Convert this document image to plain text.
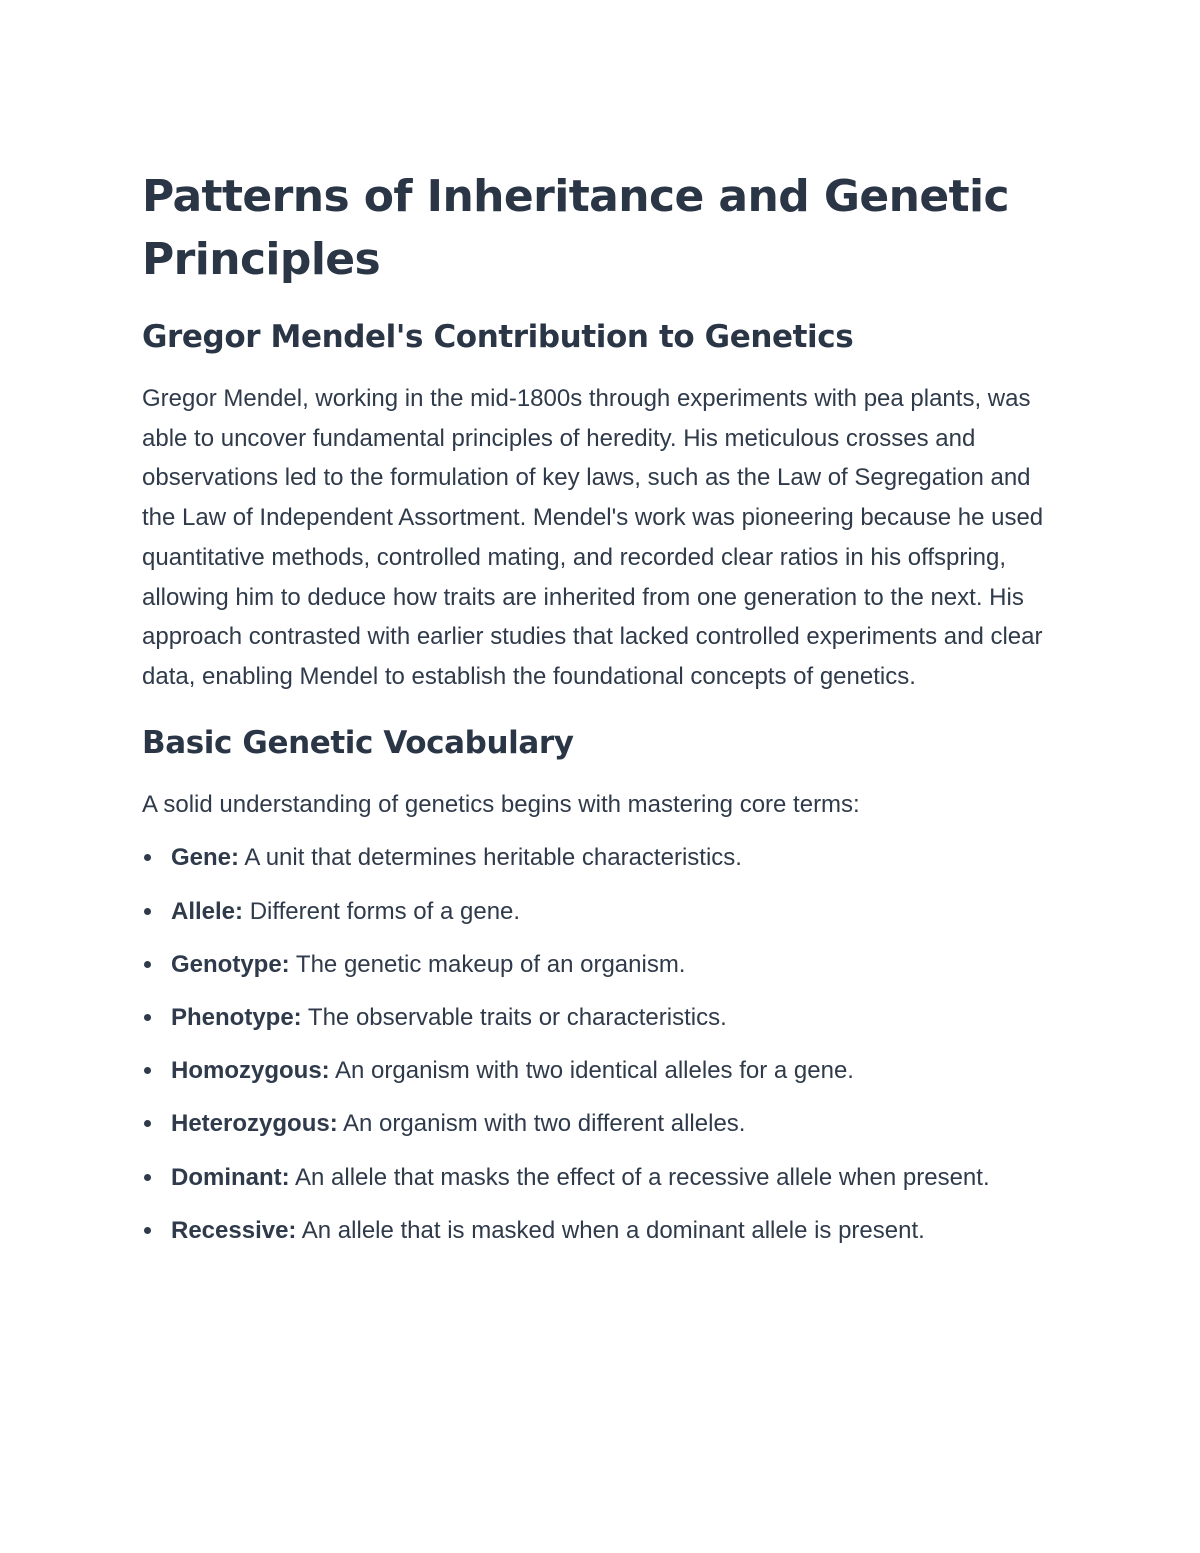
Patterns of Inheritance and Genetic Principles
Gregor Mendel's Contribution to Genetics

Gregor Mendel, working in the mid-1800s through experiments with pea plants, was able to uncover fundamental principles of heredity. His meticulous crosses and observations led to the formulation of key laws, such as the Law of Segregation and the Law of Independent Assortment. Mendel's work was pioneering because he used quantitative methods, controlled mating, and recorded clear ratios in his offspring, allowing him to deduce how traits are inherited from one generation to the next. His approach contrasted with earlier studies that lacked controlled experiments and clear data, enabling Mendel to establish the foundational concepts of genetics.

Basic Genetic Vocabulary

A solid understanding of genetics begins with mastering core terms:

Gene: A unit that determines heritable characteristics.
Allele: Different forms of a gene.
Genotype: The genetic makeup of an organism.
Phenotype: The observable traits or characteristics.
Homozygous: An organism with two identical alleles for a gene.
Heterozygous: An organism with two different alleles.
Dominant: An allele that masks the effect of a recessive allele when present.
Recessive: An allele that is masked when a dominant allele is present.
